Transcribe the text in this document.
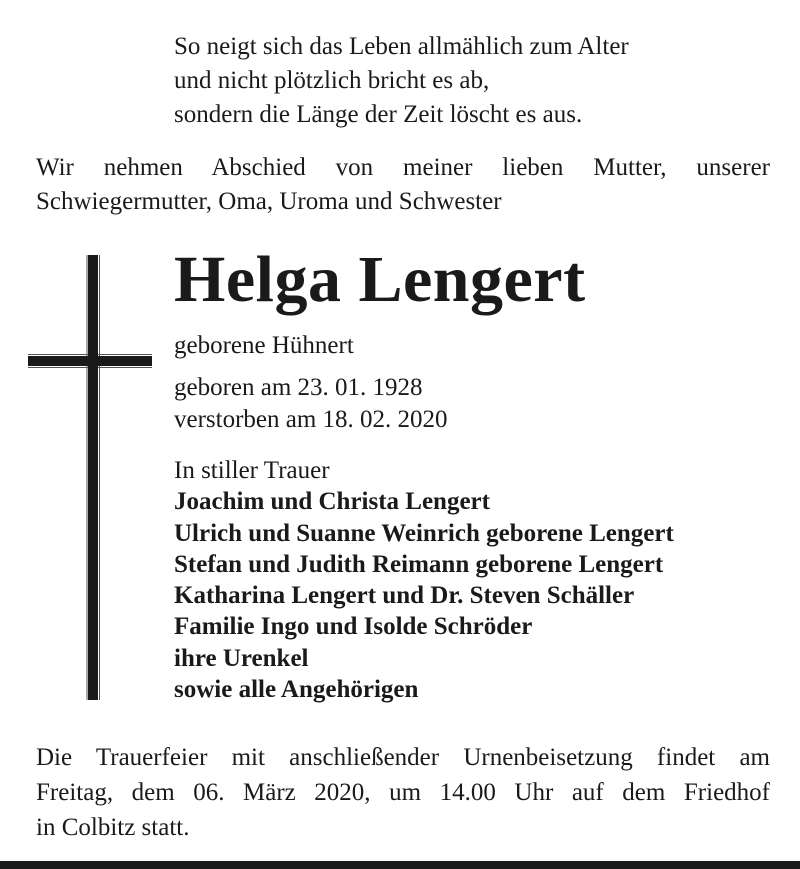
So neigt sich das Leben allmählich zum Alter
und nicht plötzlich bricht es ab,
sondern die Länge der Zeit löscht es aus.
Wir nehmen Abschied von meiner lieben Mutter, unserer
Schwiegermutter, Oma, Uroma und Schwester
Helga Lengert
geborene Hühnert
geboren am 23. 01. 1928
verstorben am 18. 02. 2020
In stiller Trauer
Joachim und Christa Lengert
Ulrich und Suanne Weinrich geborene Lengert
Stefan und Judith Reimann geborene Lengert
Katharina Lengert und Dr. Steven Schäller
Familie Ingo und Isolde Schröder
ihre Urenkel
sowie alle Angehörigen
Die Trauerfeier mit anschließender Urnenbeisetzung findet am
Freitag, dem 06. März 2020, um 14.00 Uhr auf dem Friedhof
in Colbitz statt.
